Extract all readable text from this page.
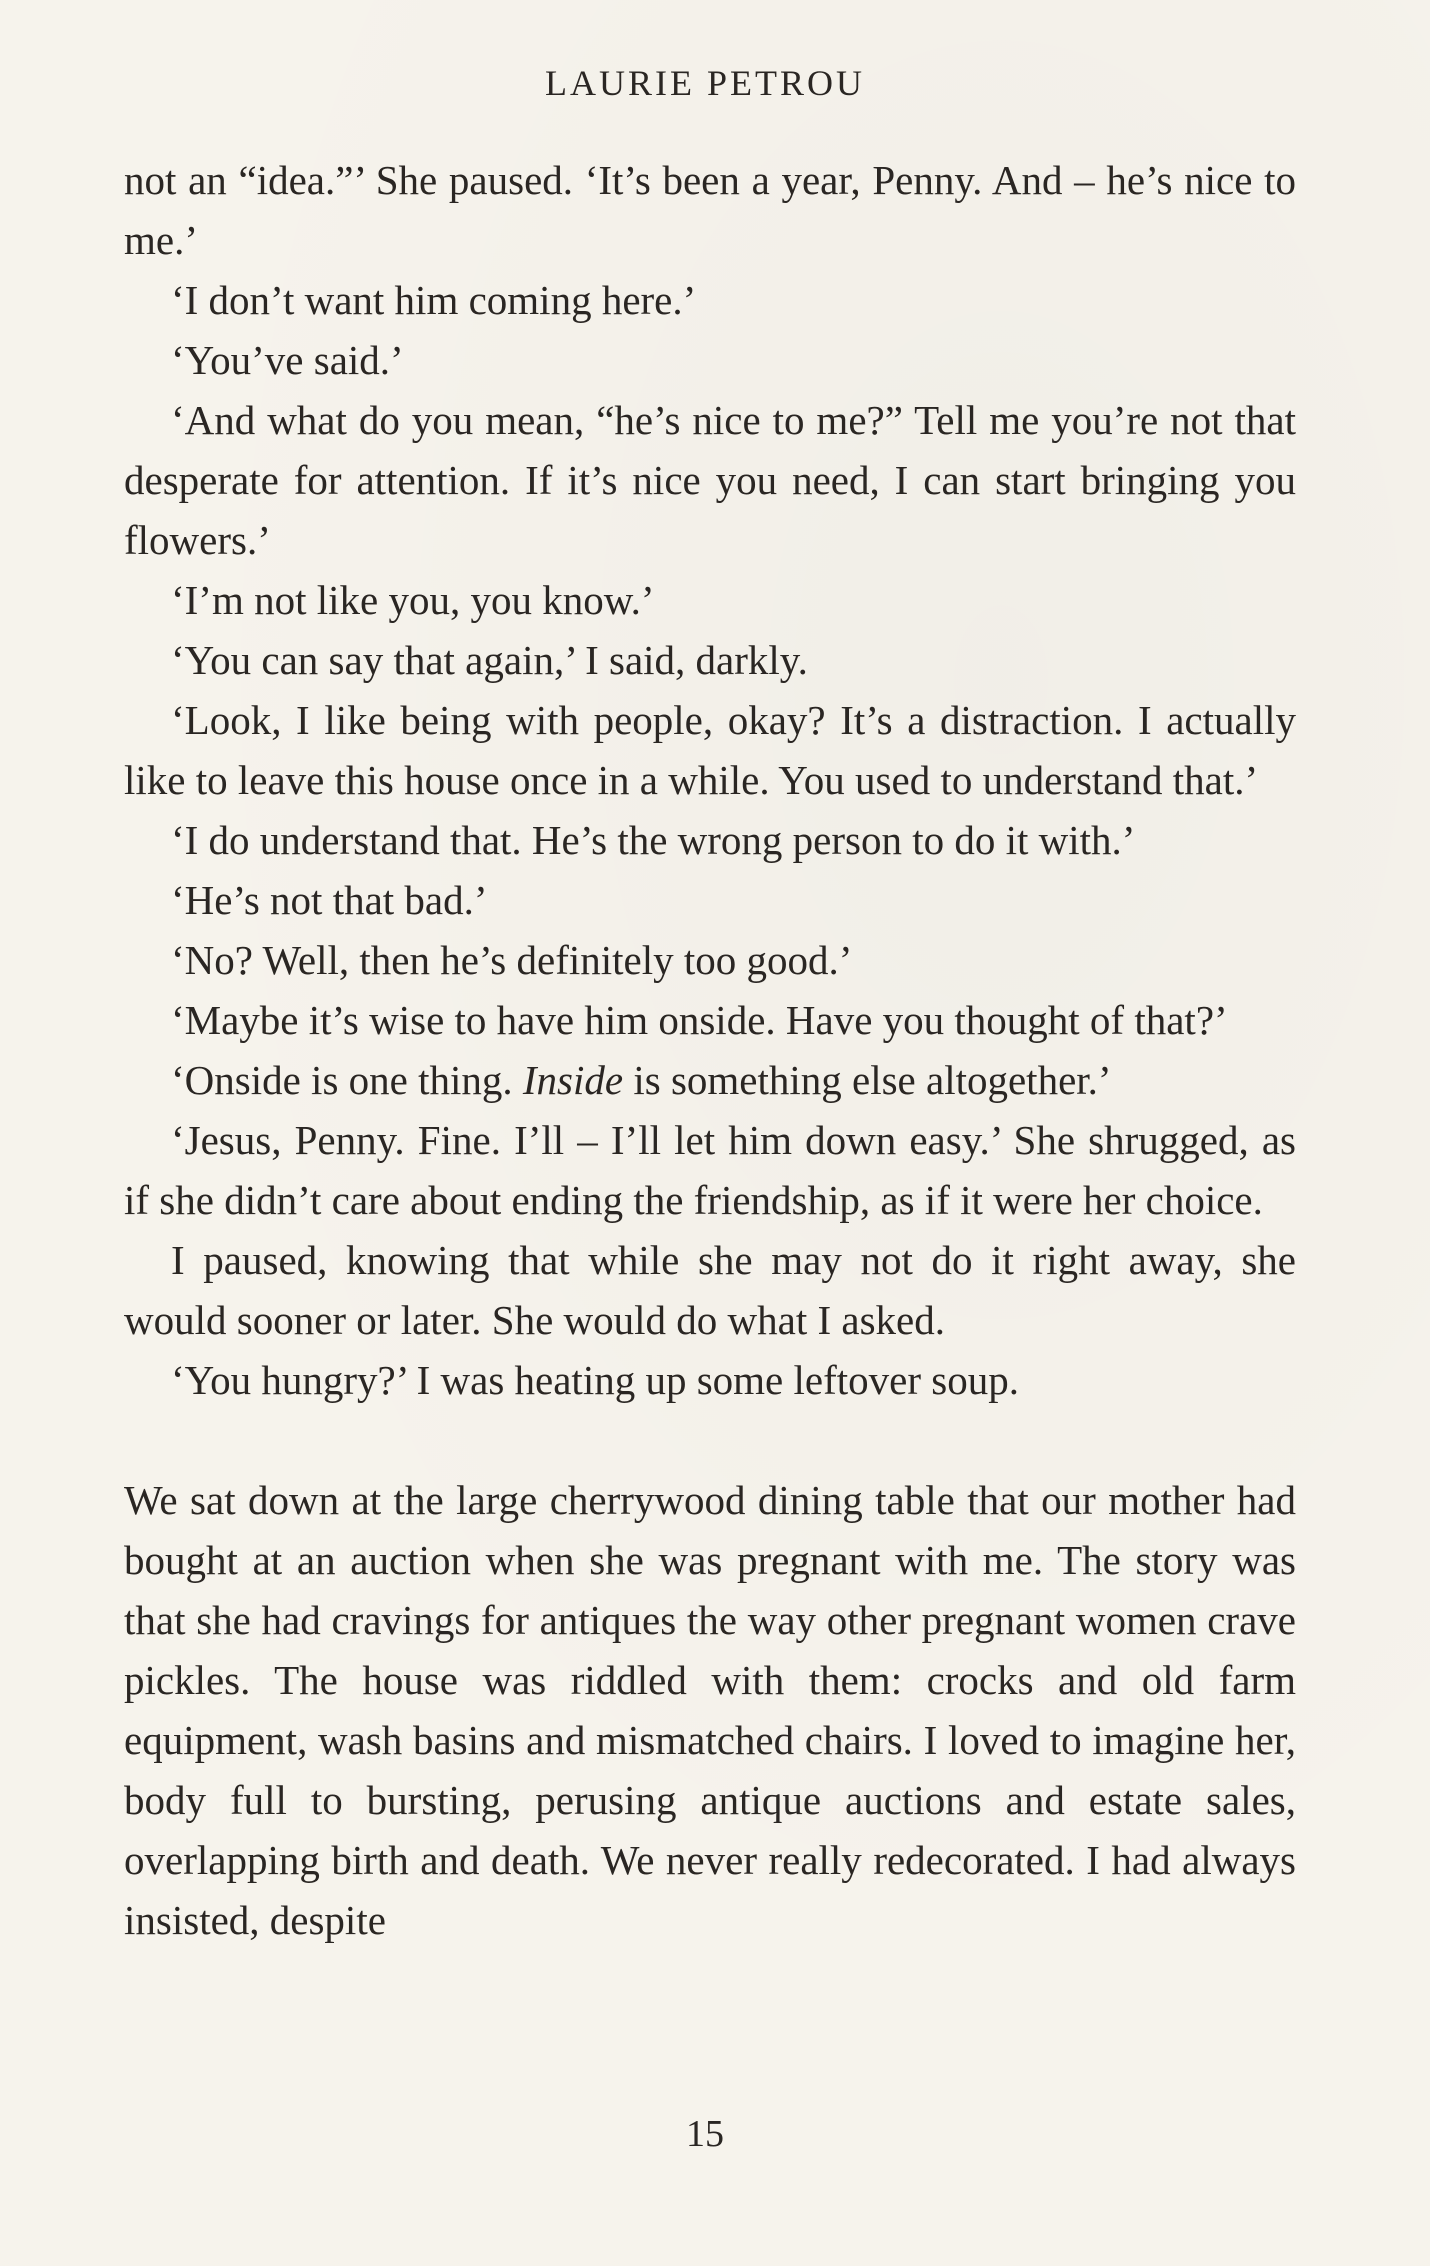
LAURIE PETROU

not an “idea.”’ She paused. ‘It’s been a year, Penny. And – he’s nice to me.’

‘I don’t want him coming here.’

‘You’ve said.’

‘And what do you mean, “he’s nice to me?” Tell me you’re not that desperate for attention. If it’s nice you need, I can start bringing you flowers.’

‘I’m not like you, you know.’

‘You can say that again,’ I said, darkly.

‘Look, I like being with people, okay? It’s a distraction. I actually like to leave this house once in a while. You used to understand that.’

‘I do understand that. He’s the wrong person to do it with.’

‘He’s not that bad.’

‘No? Well, then he’s definitely too good.’

‘Maybe it’s wise to have him onside. Have you thought of that?’

‘Onside is one thing. Inside is something else altogether.’

‘Jesus, Penny. Fine. I’ll – I’ll let him down easy.’ She shrugged, as if she didn’t care about ending the friendship, as if it were her choice.

I paused, knowing that while she may not do it right away, she would sooner or later. She would do what I asked.

‘You hungry?’ I was heating up some leftover soup.

We sat down at the large cherrywood dining table that our mother had bought at an auction when she was pregnant with me. The story was that she had cravings for antiques the way other pregnant women crave pickles. The house was riddled with them: crocks and old farm equipment, wash basins and mismatched chairs. I loved to imagine her, body full to bursting, perusing antique auctions and estate sales, overlapping birth and death. We never really redecorated. I had always insisted, despite

15
